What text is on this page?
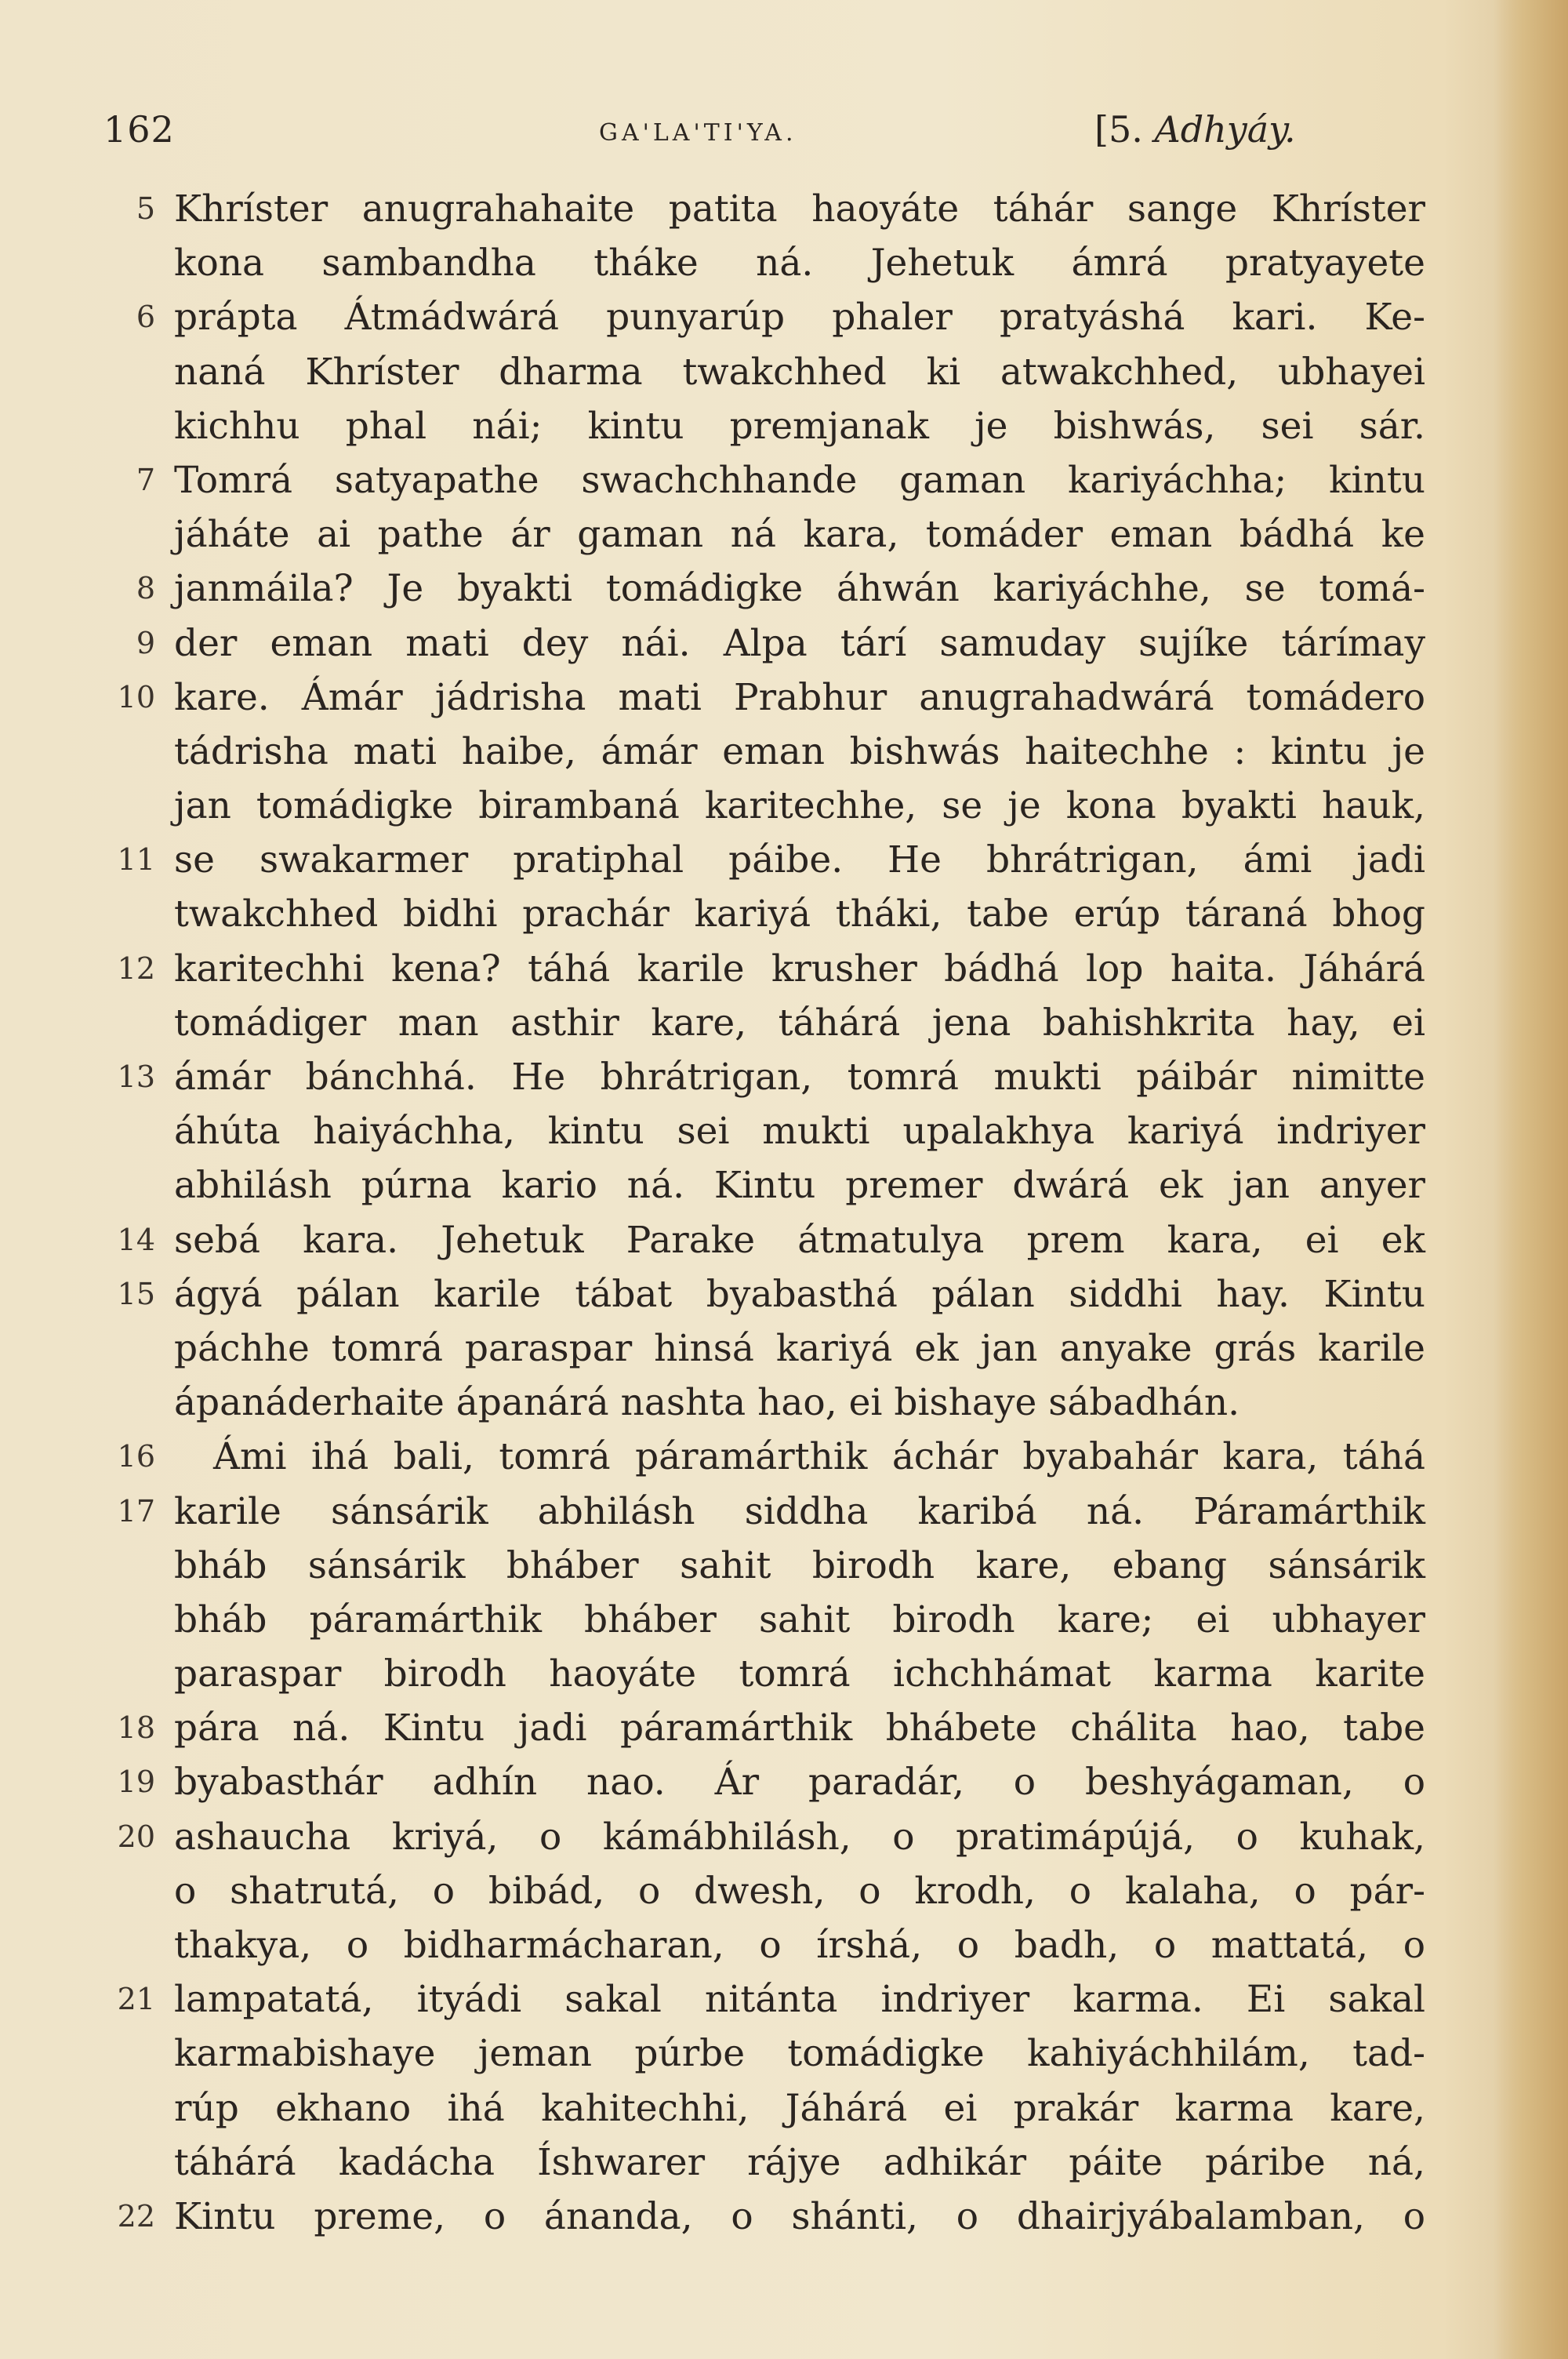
162	GA'LA'TI'YA.	[5. Adhyáy.
5 Khríster anugrahahaite patita haoyáte táhár sange Khríster
kona sambandha tháke ná. Jehetuk ámrá pratyayete
6 prápta Átmádwárá punyarúp phaler pratyáshá kari. Ke-
naná Khríster dharma twakchhed ki atwakchhed, ubhayei
kichhu phal nái; kintu premjanak je bishwás, sei sár.
7 Tomrá satyapathe swachchhande gaman kariyáchha; kintu
jáháte ai pathe ár gaman ná kara, tomáder eman bádhá ke
8 janmáila? Je byakti tomádigke áhwán kariyáchhe, se tomá-
9 der eman mati dey nái. Alpa tárí samuday sujíke tárímay
10 kare. Ámár jádrisha mati Prabhur anugrahadwárá tomádero
tádrisha mati haibe, ámár eman bishwás haitechhe : kintu je
jan tomádigke birambaná karitechhe, se je kona byakti hauk,
11 se swakarmer pratiphal páibe. He bhrátrigan, ámi jadi
twakchhed bidhi prachár kariyá tháki, tabe erúp táraná bhog
12 karitechhi kena? táhá karile krusher bádhá lop haita. Jáhárá
tomádiger man asthir kare, táhárá jena bahishkrita hay, ei
13 ámár bánchhá. He bhrátrigan, tomrá mukti páibár nimitte
áhúta haiyáchha, kintu sei mukti upalakhya kariyá indriyer
abhilásh púrna kario ná. Kintu premer dwárá ek jan anyer
14 sebá kara. Jehetuk Parake átmatulya prem kara, ei ek
15 ágyá pálan karile tábat byabasthá pálan siddhi hay. Kintu
páchhe tomrá paraspar hinsá kariyá ek jan anyake grás karile
ápanáderhaite ápanárá nashta hao, ei bishaye sábadhán.
16 Ámi ihá bali, tomrá páramárthik áchár byabahár kara, táhá
17 karile sánsárik abhilásh siddha karibá ná. Páramárthik
bháb sánsárik bháber sahit birodh kare, ebang sánsárik
bháb páramárthik bháber sahit birodh kare; ei ubhayer
paraspar birodh haoyáte tomrá ichchhámat karma karite
18 pára ná. Kintu jadi páramárthik bhábete chálita hao, tabe
19 byabasthár adhín nao. Ár paradár, o beshyágaman, o
20 ashaucha kriyá, o kámábhilásh, o pratimápújá, o kuhak,
o shatrutá, o bibád, o dwesh, o krodh, o kalaha, o pár-
thakya, o bidharmácharan, o írshá, o badh, o mattatá, o
21 lampatatá, ityádi sakal nitánta indriyer karma. Ei sakal
karmabishaye jeman púrbe tomádigke kahiyáchhilám, tad-
rúp ekhano ihá kahitechhi, Jáhárá ei prakár karma kare,
táhárá kadácha Íshwarer rájye adhikár páite páribe ná,
22 Kintu preme, o ánanda, o shánti, o dhairjyábalamban, o
